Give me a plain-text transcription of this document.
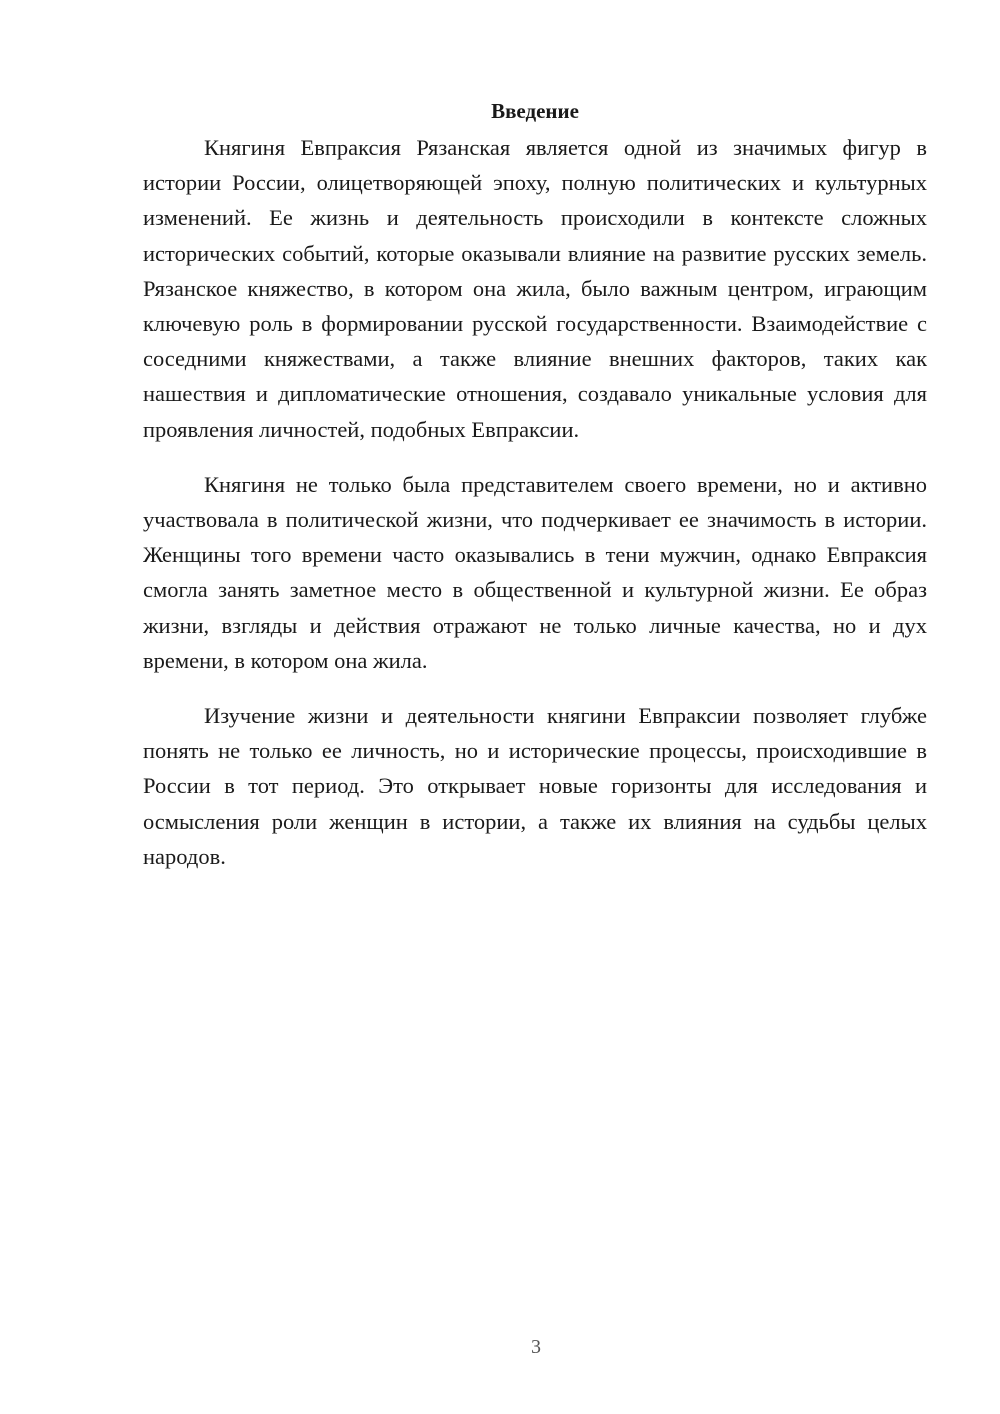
Введение

Княгиня Евпраксия Рязанская является одной из значимых фигур в истории России, олицетворяющей эпоху, полную политических и культурных изменений. Ее жизнь и деятельность происходили в контексте сложных исторических событий, которые оказывали влияние на развитие русских земель. Рязанское княжество, в котором она жила, было важным центром, играющим ключевую роль в формировании русской государственности. Взаимодействие с соседними княжествами, а также влияние внешних факторов, таких как нашествия и дипломатические отношения, создавало уникальные условия для проявления личностей, подобных Евпраксии.

Княгиня не только была представителем своего времени, но и активно участвовала в политической жизни, что подчеркивает ее значимость в истории. Женщины того времени часто оказывались в тени мужчин, однако Евпраксия смогла занять заметное место в общественной и культурной жизни. Ее образ жизни, взгляды и действия отражают не только личные качества, но и дух времени, в котором она жила.

Изучение жизни и деятельности княгини Евпраксии позволяет глубже понять не только ее личность, но и исторические процессы, происходившие в России в тот период. Это открывает новые горизонты для исследования и осмысления роли женщин в истории, а также их влияния на судьбы целых народов.

3
